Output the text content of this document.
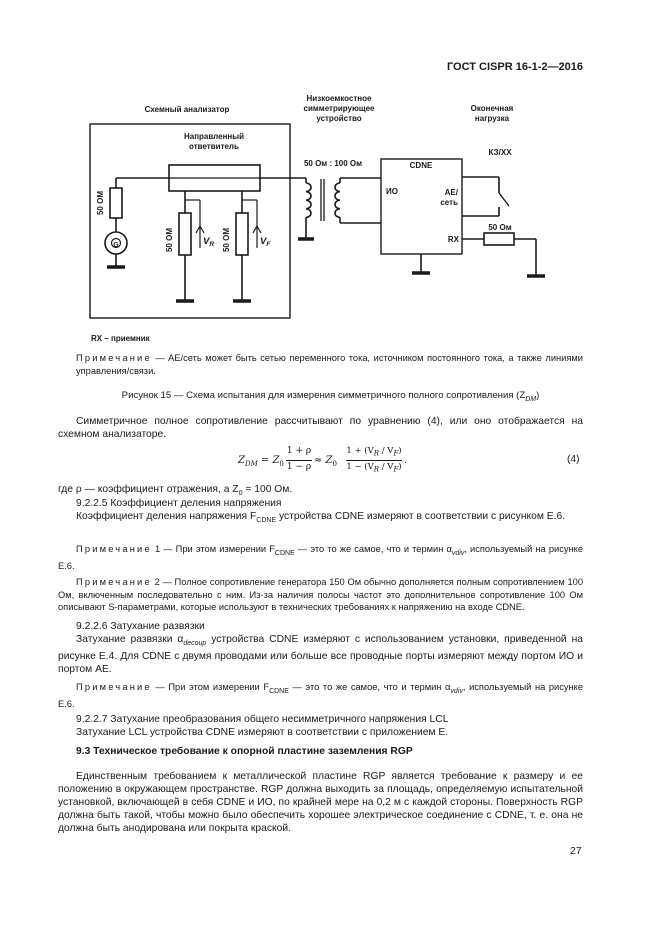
ГОСТ CISPR 16-1-2—2016
Схемный анализатор
Низкоемкостное
симметрирующее
устройство
Оконечная
нагрузка
Направленный
ответвитель
50 ОМ
G	50 ОМ	50 ОМ
$V_R$	$V_F$
50 Ом : 100 Ом	CDNE
ИО	AE/
сеть
RX
КЗ/ХХ
50 Ом
RX – приемник
Примечание — AE/сеть может быть сетью переменного тока, источником постоянного тока, а также линиями управления/связи.
Рисунок 15 — Схема испытания для измерения симметричного полного сопротивления $(Z_{DM})$
Симметричное полное сопротивление рассчитывают по уравнению (4), или оно отображается на схемном анализаторе.
$Z_{DM} = Z_0$
1 + ρ
1 − ρ
≈ $Z_0$
$1 + (V_R / V_F)$
$1 - (V_R / V_F)$
.	(4)
где ρ — коэффициент отражения, а $Z_0 = 100$ Ом.
9.2.2.5 Коэффициент деления напряжения
Коэффициент деления напряжения $F_{CDNE}$ устройства CDNE измеряют в соответствии с рисунком Е.6.
Примечание 1 — При этом измерении $F_{CDNE}$ — это то же самое, что и термин $\alpha_{vdiv}$, используемый на рисунке Е.6.
Примечание 2 — Полное сопротивление генератора 150 Ом обычно дополняется полным сопротивлением 100 Ом, включенным последовательно с ним. Из-за наличия полосы частот это дополнительное сопротивление 100 Ом описывают S-параметрами, которые используют в технических требованиях к напряжению на входе CDNE.
9.2.2.6 Затухание развязки
Затухание развязки $\alpha_{decoup}$ устройства CDNE измеряют с использованием установки, приведенной на рисунке Е.4. Для CDNE с двумя проводами или больше все проводные порты измеряют между портом ИО и портом AE.
Примечание — При этом измерении $F_{CDNE}$ — это то же самое, что и термин $\alpha_{vdiv}$, используемый на рисунке Е.6.
9.2.2.7 Затухание преобразования общего несимметричного напряжения LCL
Затухание LCL устройства CDNE измеряют в соответствии с приложением Е.
9.3 Техническое требование к опорной пластине заземления RGP
Единственным требованием к металлической пластине RGP является требование к размеру и ее положению в окружающем пространстве. RGP должна выходить за площадь, определяемую испытательной установкой, включающей в себя CDNE и ИО, по крайней мере на 0,2 м с каждой стороны. Поверхность RGP должна быть такой, чтобы можно было обеспечить хорошее электрическое соединение с CDNE, т. е. она не должна быть анодирована или покрыта краской.
27
